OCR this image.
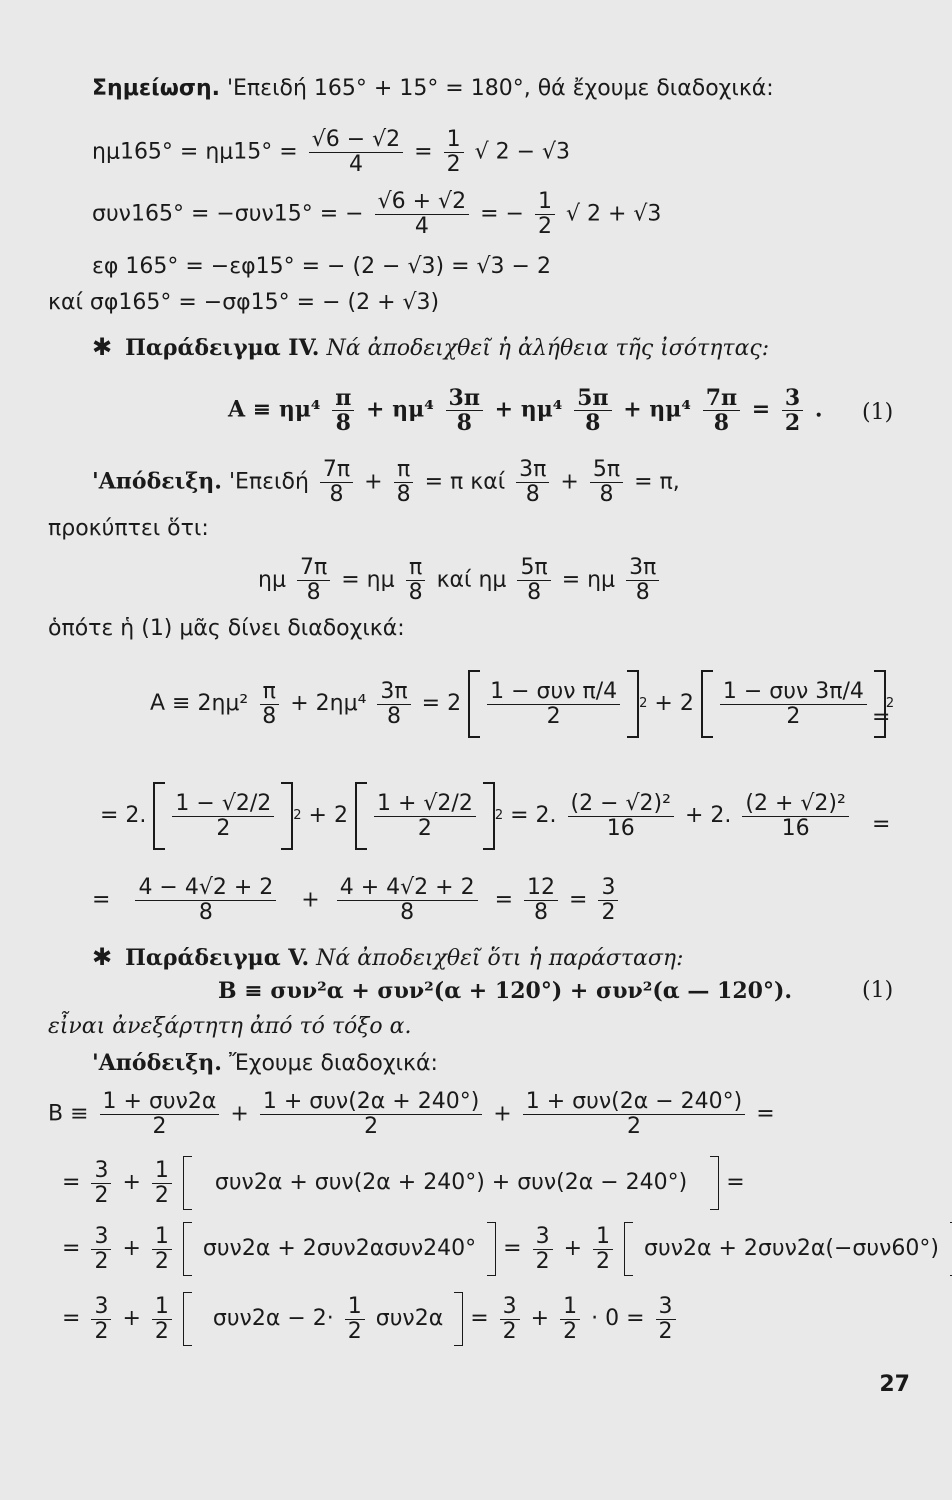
Σημείωση. 'Επειδή 165° + 15° = 180°, θά ἔχουμε διαδοχικά:
$\eta\mu 165^\circ = \eta\mu 15^\circ = \frac{√6 - √2}{4} = \frac{1}{2}$ √ 2 − √3
συν165° = −συν15° = − $\frac{√6 + √2}{4}$ = − $\frac{1}{2}$ √ 2 + √3
εφ 165° = −εφ15° = − (2 − √3) = √3 − 2
καί σφ165° = −σφ15° = − (2 + √3)
✱ Παράδειγμα IV. Νά ἀποδειχθεῖ ἡ ἀλήθεια τῆς ἰσότητας:
$A \equiv \eta\mu^4 \frac{\pi}{8} + \eta\mu^4 \frac{3\pi}{8} + \eta\mu^4 \frac{5\pi}{8} + \eta\mu^4 \frac{7\pi}{8} = \frac{3}{2}$ . (1)
'Απόδειξη. '$E\pi\varepsilon\iota\delta ή \frac{7\pi}{8} + \frac{\pi}{8} = \pi$ καί $\frac{3\pi}{8} + \frac{5\pi}{8} = \pi$,
προκύπτει ὅτι:
ημ $\frac{7\pi}{8} = \eta\mu \frac{\pi}{8}$ καί ημ $\frac{5\pi}{8} = \eta\mu \frac{3\pi}{8}$
ὁπότε ἡ (1) μᾶς δίνει διαδοχικά:
$A \equiv 2\eta\mu^2 \frac{\pi}{8} + 2\eta\mu^4 \frac{3\pi}{8} = 2 \frac{\text{1 − συν π/4}}{2} 2 + 2 \frac{\text{1 − συν 3π/4}}{2} 2$
=
= 2. $\frac{1 - √2/2}{2} 2 + 2 \frac{1 + √2/2}{2} 2 = 2$. $\frac{\text{(2 − √2)²}}{16} + 2$. $\frac{\text{(2 + √2)²}}{16}$ =
= $\frac{4 - 4√2 + 2}{8} + \frac{4 + 4√2 + 2}{8} = \frac{12}{8} = \frac{3}{2}$
✱ Παράδειγμα V. Νά ἀποδειχθεῖ ὅτι ἡ παράσταση:
Β ≡ συν²α + συν²(α + 120°) + συν²(α — 120°).	(1)
εἶναι ἀνεξάρτητη ἀπό τό τόξο α.
'Απόδειξη. Ἔχουμε διαδοχικά:
$B \equiv \frac{\text{1 + συν2α}}{2} + \frac{\text{1 + συν(2α + 240°)}}{2} + \frac{\text{1 + συν(2α − 240°)}}{2}$ =
= $\frac{3}{2} + \frac{1}{2} \sigma\upsilon\nu 2\alpha + \sigma\upsilon\nu(2\alpha + 240^\circ) + \sigma\upsilon\nu(2\alpha - 240^\circ)$ =
= $\frac{3}{2} + \frac{1}{2} \sigma\upsilon\nu 2\alpha + 2\sigma\upsilon\nu 2\alpha\sigma\upsilon\nu 240^\circ = \frac{3}{2} + \frac{1}{2} \sigma\upsilon\nu 2\alpha + 2\sigma\upsilon\nu 2\alpha(-\sigma\upsilon\nu 60^\circ)$
= $\frac{3}{2} + \frac{1}{2} \sigma\upsilon\nu 2\alpha - 2\cdot \frac{1}{2} \sigma\upsilon\nu 2\alpha = \frac{3}{2} + \frac{1}{2} \cdot 0 = \frac{3}{2}$
27
